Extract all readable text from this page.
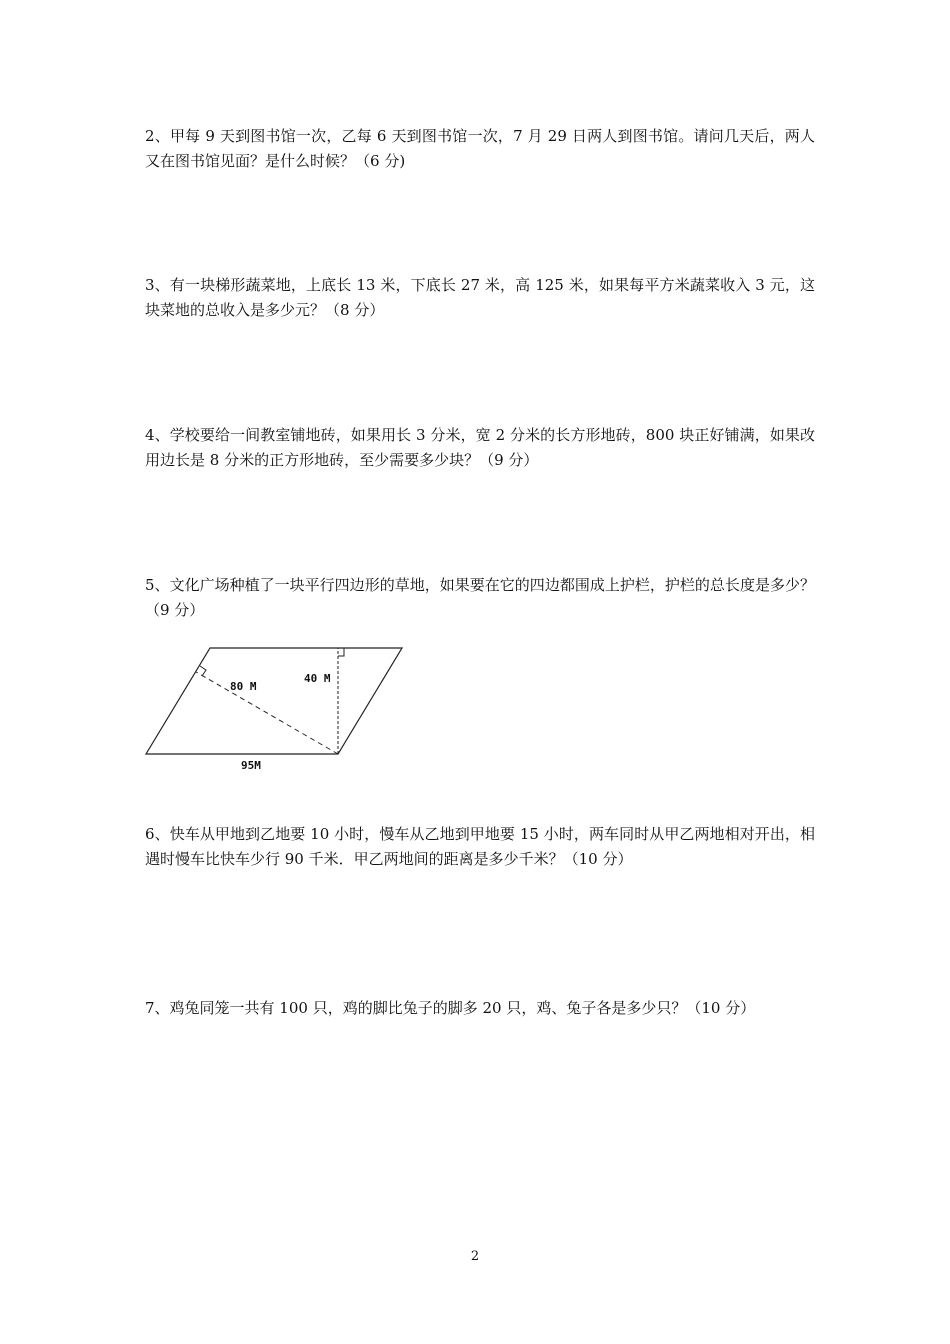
2、甲每 9 天到图书馆一次，乙每 6 天到图书馆一次，7 月 29 日两人到图书馆。请问几天后，两人又在图书馆见面？是什么时候？（6 分)

3、有一块梯形蔬菜地，上底长 13 米，下底长 27 米，高 125 米，如果每平方米蔬菜收入 3 元，这块菜地的总收入是多少元？（8 分）

4、学校要给一间教室铺地砖，如果用长 3 分米，宽 2 分米的长方形地砖，800 块正好铺满，如果改用边长是 8 分米的正方形地砖，至少需要多少块？（9 分）

5、文化广场种植了一块平行四边形的草地，如果要在它的四边都围成上护栏，护栏的总长度是多少？（9 分）

80 M
40 M
95M

6、快车从甲地到乙地要 10 小时，慢车从乙地到甲地要 15 小时，两车同时从甲乙两地相对开出，相遇时慢车比快车少行 90 千米．甲乙两地间的距离是多少千米？（10 分）

7、鸡兔同笼一共有 100 只，鸡的脚比兔子的脚多 20 只，鸡、兔子各是多少只？（10 分）

2
